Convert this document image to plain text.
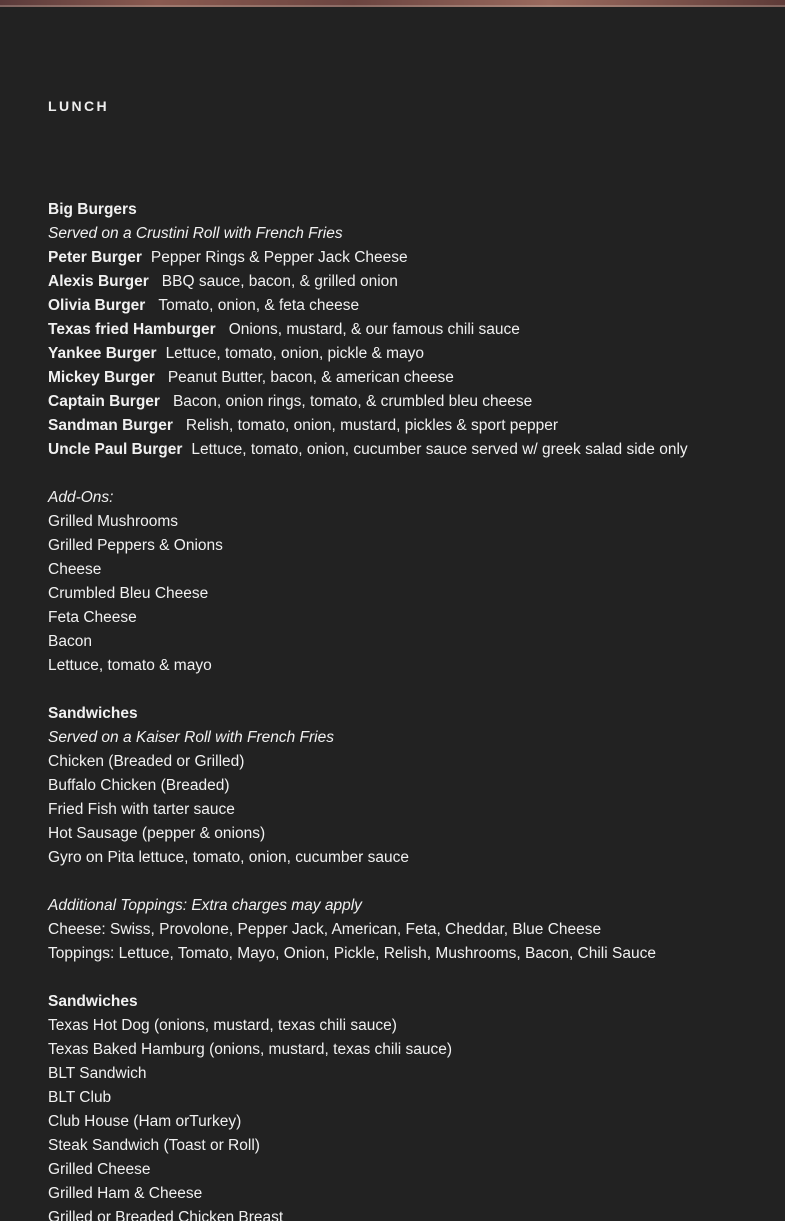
LUNCH
Big Burgers
Served on a Crustini Roll with French Fries
Peter Burger Pepper Rings & Pepper Jack Cheese
Alexis Burger BBQ sauce, bacon, & grilled onion
Olivia Burger Tomato, onion, & feta cheese
Texas fried Hamburger Onions, mustard, & our famous chili sauce
Yankee Burger Lettuce, tomato, onion, pickle & mayo
Mickey Burger Peanut Butter, bacon, & american cheese
Captain Burger Bacon, onion rings, tomato, & crumbled bleu cheese
Sandman Burger Relish, tomato, onion, mustard, pickles & sport pepper
Uncle Paul Burger Lettuce, tomato, onion, cucumber sauce served w/ greek salad side only
Add-Ons:
Grilled Mushrooms
Grilled Peppers & Onions
Cheese
Crumbled Bleu Cheese
Feta Cheese
Bacon
Lettuce, tomato & mayo
Sandwiches
Served on a Kaiser Roll with French Fries
Chicken (Breaded or Grilled)
Buffalo Chicken (Breaded)
Fried Fish with tarter sauce
Hot Sausage (pepper & onions)
Gyro on Pita lettuce, tomato, onion, cucumber sauce
Additional Toppings: Extra charges may apply
Cheese: Swiss, Provolone, Pepper Jack, American, Feta, Cheddar, Blue Cheese
Toppings: Lettuce, Tomato, Mayo, Onion, Pickle, Relish, Mushrooms, Bacon, Chili Sauce
Sandwiches
Texas Hot Dog (onions, mustard, texas chili sauce)
Texas Baked Hamburg (onions, mustard, texas chili sauce)
BLT Sandwich
BLT Club
Club House (Ham orTurkey)
Steak Sandwich (Toast or Roll)
Grilled Cheese
Grilled Ham & Cheese
Grilled or Breaded Chicken Breast
